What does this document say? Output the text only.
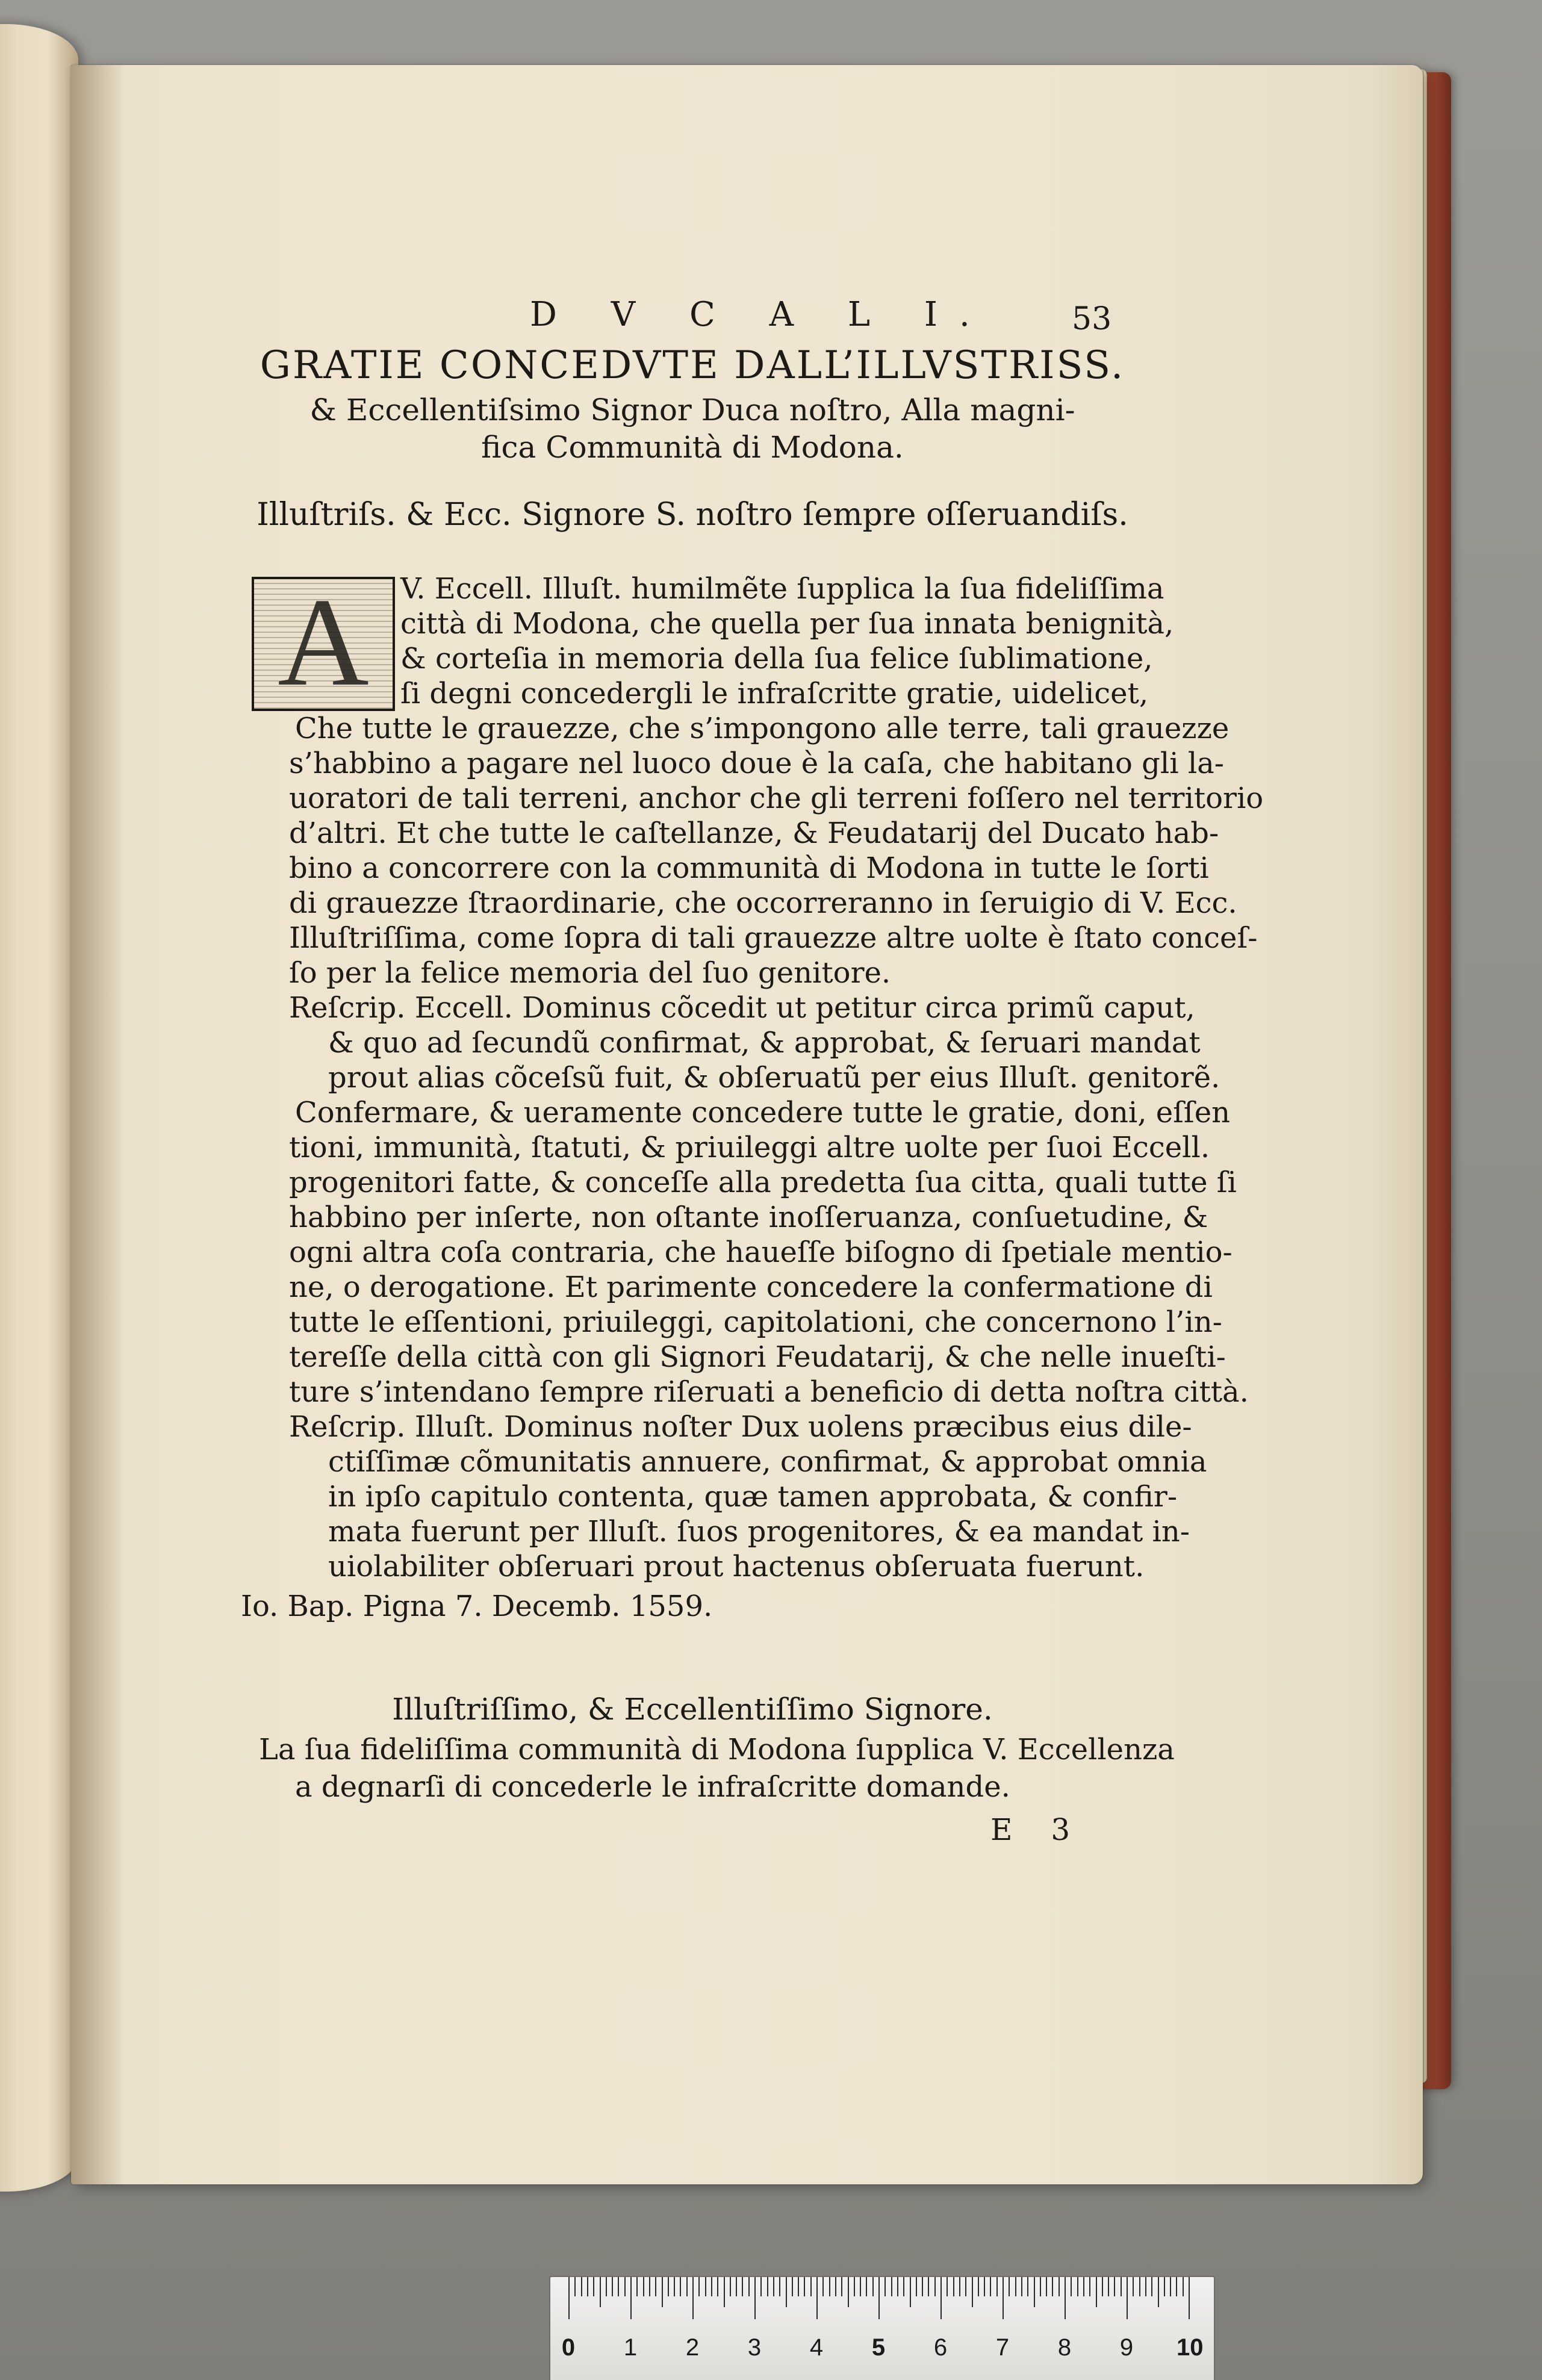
D V C A L I.	53
GRATIE CONCEDVTE DALL’ILLVSTRISS.
& Eccellentiſsimo Signor Duca noſtro, Alla magni-
fica Communità di Modona.
Illuſtriſs. & Ecc. Signore S. noſtro ſempre oſſeruandiſs.
A	V. Eccell. Illuſt. humilmẽte ſupplica la ſua fideliſſima
città di Modona, che quella per ſua innata benignità,
& corteſia in memoria della ſua felice ſublimatione,
ſi degni concedergli le infraſcritte gratie, uidelicet,
Che tutte le grauezze, che s’impongono alle terre, tali grauezze
s’habbino a pagare nel luoco doue è la caſa, che habitano gli la-
uoratori de tali terreni, anchor che gli terreni foſſero nel territorio
d’altri. Et che tutte le caſtellanze, & Feudatarij del Ducato hab-
bino a concorrere con la communità di Modona in tutte le ſorti
di grauezze ſtraordinarie, che occorreranno in ſeruigio di V. Ecc.
Illuſtriſſima, come ſopra di tali grauezze altre uolte è ſtato conceſ-
ſo per la felice memoria del ſuo genitore.
Reſcrip. Eccell. Dominus cõcedit ut petitur circa primũ caput,
& quo ad ſecundũ confirmat, & approbat, & ſeruari mandat
prout alias cõceſsũ fuit, & obſeruatũ per eius Illuſt. genitorẽ.
Confermare, & ueramente concedere tutte le gratie, doni, eſſen
tioni, immunità, ſtatuti, & priuileggi altre uolte per ſuoi Eccell.
progenitori fatte, & conceſſe alla predetta ſua citta, quali tutte ſi
habbino per inſerte, non oſtante inoſſeruanza, conſuetudine, &
ogni altra coſa contraria, che haueſſe biſogno di ſpetiale mentio-
ne, o derogatione. Et parimente concedere la confermatione di
tutte le eſſentioni, priuileggi, capitolationi, che concernono l’in-
tereſſe della città con gli Signori Feudatarij, & che nelle inueſti-
ture s’intendano ſempre riſeruati a beneficio di detta noſtra città.
Reſcrip. Illuſt. Dominus noſter Dux uolens præcibus eius dile-
ctiſſimæ cõmunitatis annuere, confirmat, & approbat omnia
in ipſo capitulo contenta, quæ tamen approbata, & confir-
mata fuerunt per Illuſt. ſuos progenitores, & ea mandat in-
uiolabiliter obſeruari prout hactenus obſeruata fuerunt.
Io. Bap. Pigna 7. Decemb. 1559.
Illuſtriſſimo, & Eccellentiſſimo Signore.
La ſua fideliſſima communità di Modona ſupplica V. Eccellenza
a degnarſi di concederle le infraſcritte domande.
E 3
0 1 2 3 4 5 6 7 8 9 10
